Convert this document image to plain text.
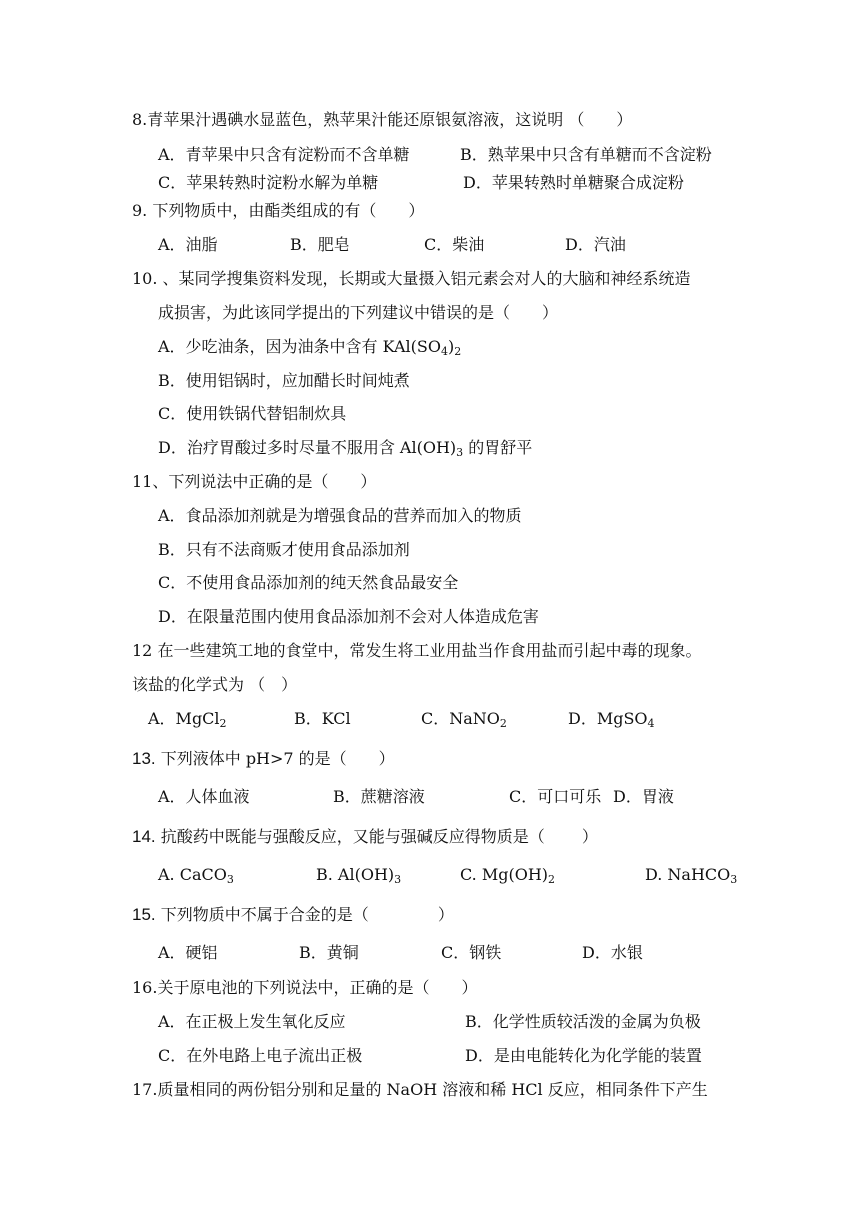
8.青苹果汁遇碘水显蓝色，熟苹果汁能还原银氨溶液，这说明 （　　）
A．青苹果中只含有淀粉而不含单糖	B．熟苹果中只含有单糖而不含淀粉
C．苹果转熟时淀粉水解为单糖	D．苹果转熟时单糖聚合成淀粉
9. 下列物质中，由酯类组成的有（　　）
A．油脂	B．肥皂	C．柴油	D．汽油
10. 、某同学搜集资料发现，长期或大量摄入铝元素会对人的大脑和神经系统造
成损害，为此该同学提出的下列建议中错误的是（　　）
A．少吃油条，因为油条中含有 $KAl(SO_4)_2$
B．使用铝锅时，应加醋长时间炖煮
C．使用铁锅代替铝制炊具
D．治疗胃酸过多时尽量不服用含 $Al(OH)_3$ 的胃舒平
11、下列说法中正确的是（　　）
A．食品添加剂就是为增强食品的营养而加入的物质
B．只有不法商贩才使用食品添加剂
C．不使用食品添加剂的纯天然食品最安全
D．在限量范围内使用食品添加剂不会对人体造成危害
12 在一些建筑工地的食堂中，常发生将工业用盐当作食用盐而引起中毒的现象。
该盐的化学式为 （　）
A．MgCl$_2$	B．KCl	C．NaNO$_2$	D．MgSO$_4$
13. 下列液体中 pH>7 的是（　　）
A．人体血液	B．蔗糖溶液	C．可口可乐 D．胃液
14. 抗酸药中既能与强酸反应，又能与强碱反应得物质是（　　 ）
A. CaCO$_3$	B. $Al(OH)_3$	C. $Mg(OH)_2$	D. NaHCO$_3$
15. 下列物质中不属于合金的是（　　　　 ）
A．硬铝	B．黄铜	C．钢铁	D．水银
16.关于原电池的下列说法中，正确的是（　　）
A．在正极上发生氧化反应	B．化学性质较活泼的金属为负极
C．在外电路上电子流出正极	D．是由电能转化为化学能的装置
17.质量相同的两份铝分别和足量的 NaOH 溶液和稀 HCl 反应，相同条件下产生
